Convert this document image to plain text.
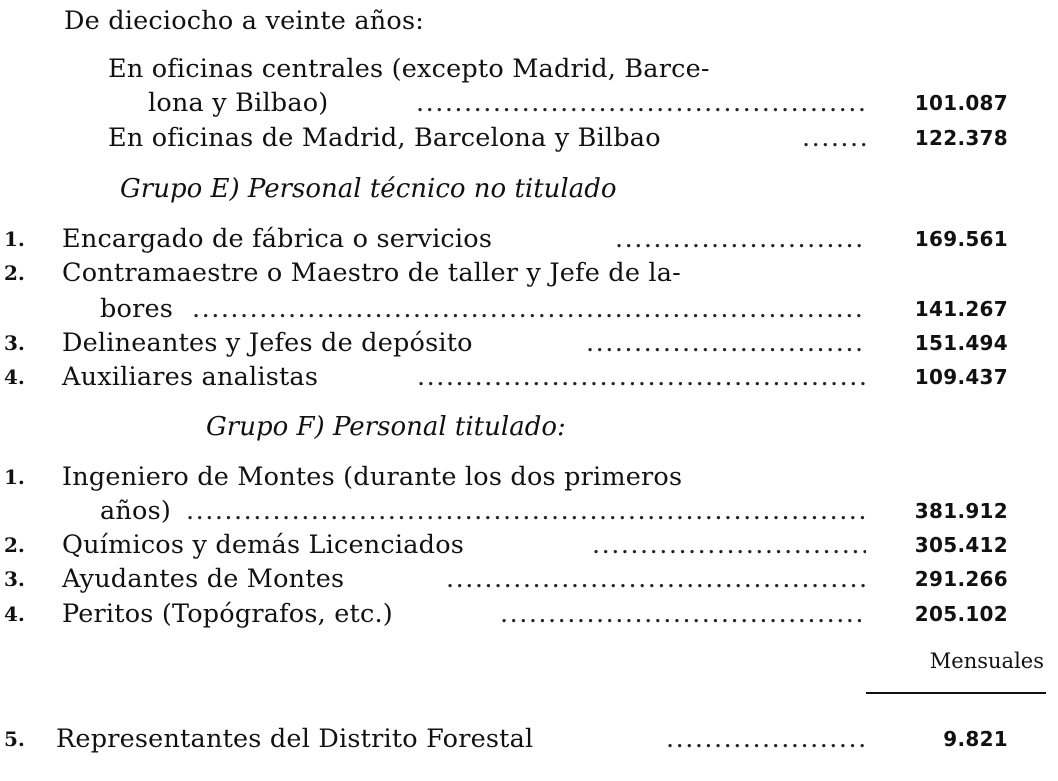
De dieciocho a veinte años:
En oficinas centrales (excepto Madrid, Barce-
lona y Bilbao) .....	101.087
En oficinas de Madrid, Barcelona y Bilbao .....	122.378
Grupo E) Personal técnico no titulado
1. Encargado de fábrica o servicios .....	169.561
2. Contramaestre o Maestro de taller y Jefe de la-
bores .....	141.267
3. Delineantes y Jefes de depósito .....	151.494
4. Auxiliares analistas .....	109.437
Grupo F) Personal titulado:
1. Ingeniero de Montes (durante los dos primeros
años) .....	381.912
2. Químicos y demás Licenciados .....	305.412
3. Ayudantes de Montes .....	291.266
4. Peritos (Topógrafos, etc.) .....	205.102
Mensuales
5. Representantes del Distrito Forestal .....	9.821
